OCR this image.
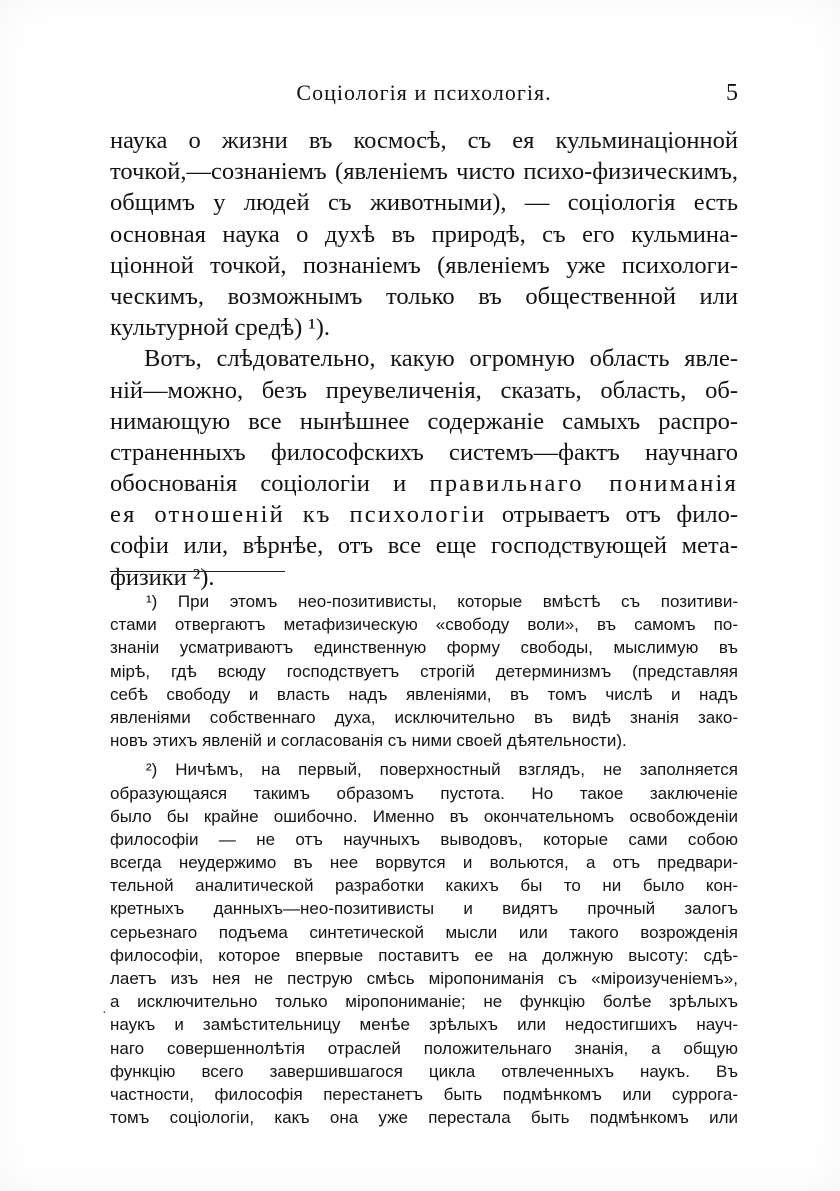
Соціологія и психологія.	5
наука о жизни въ космосѣ, съ ея кульминаціонной
точкой,—сознаніемъ (явленіемъ чисто психо-физическимъ,
общимъ у людей съ животными), — соціологія есть
основная наука о духѣ въ природѣ, съ его кульмина-
ціонной точкой, познаніемъ (явленіемъ уже психологи-
ческимъ, возможнымъ только въ общественной или
культурной средѣ) ¹).
Вотъ, слѣдовательно, какую огромную область явле-
ній—можно, безъ преувеличенія, сказать, область, об-
нимающую все нынѣшнее содержаніе самыхъ распро-
страненныхъ философскихъ системъ—фактъ научнаго
обоснованія соціологіи и правильнаго пониманія
ея отношеній къ психологіи отрываетъ отъ фило-
софіи или, вѣрнѣе, отъ все еще господствующей мета-
физики ²).
¹) При этомъ нео-позитивисты, которые вмѣстѣ съ позитиви-
стами отвергаютъ метафизическую «свободу воли», въ самомъ по-
знаніи усматриваютъ единственную форму свободы, мыслимую въ
мірѣ, гдѣ всюду господствуетъ строгій детерминизмъ (представляя
себѣ свободу и власть надъ явленіями, въ томъ числѣ и надъ
явленіями собственнаго духа, исключительно въ видѣ знанія зако-
новъ этихъ явленій и согласованія съ ними своей дѣятельности).
²) Ничѣмъ, на первый, поверхностный взглядъ, не заполняется
образующаяся такимъ образомъ пустота. Но такое заключеніе
было бы крайне ошибочно. Именно въ окончательномъ освобожденіи
философіи — не отъ научныхъ выводовъ, которые сами собою
всегда неудержимо въ нее ворвутся и вольются, а отъ предвари-
тельной аналитической разработки какихъ бы то ни было кон-
кретныхъ данныхъ—нео-позитивисты и видятъ прочный залогъ
серьезнаго подъема синтетической мысли или такого возрожденія
философіи, которое впервые поставитъ ее на должную высоту: сдѣ-
лаетъ изъ нея не пеструю смѣсь міропониманія съ «міроизученіемъ»,
а исключительно только міропониманіе; не функцію болѣе зрѣлыхъ
наукъ и замѣстительницу менѣе зрѣлыхъ или недостигшихъ науч-
наго совершеннолѣтія отраслей положительнаго знанія, а общую
функцію всего завершившагося цикла отвлеченныхъ наукъ. Въ
частности, философія перестанетъ быть подмѣнкомъ или суррога-
томъ соціологіи, какъ она уже перестала быть подмѣнкомъ или
·
